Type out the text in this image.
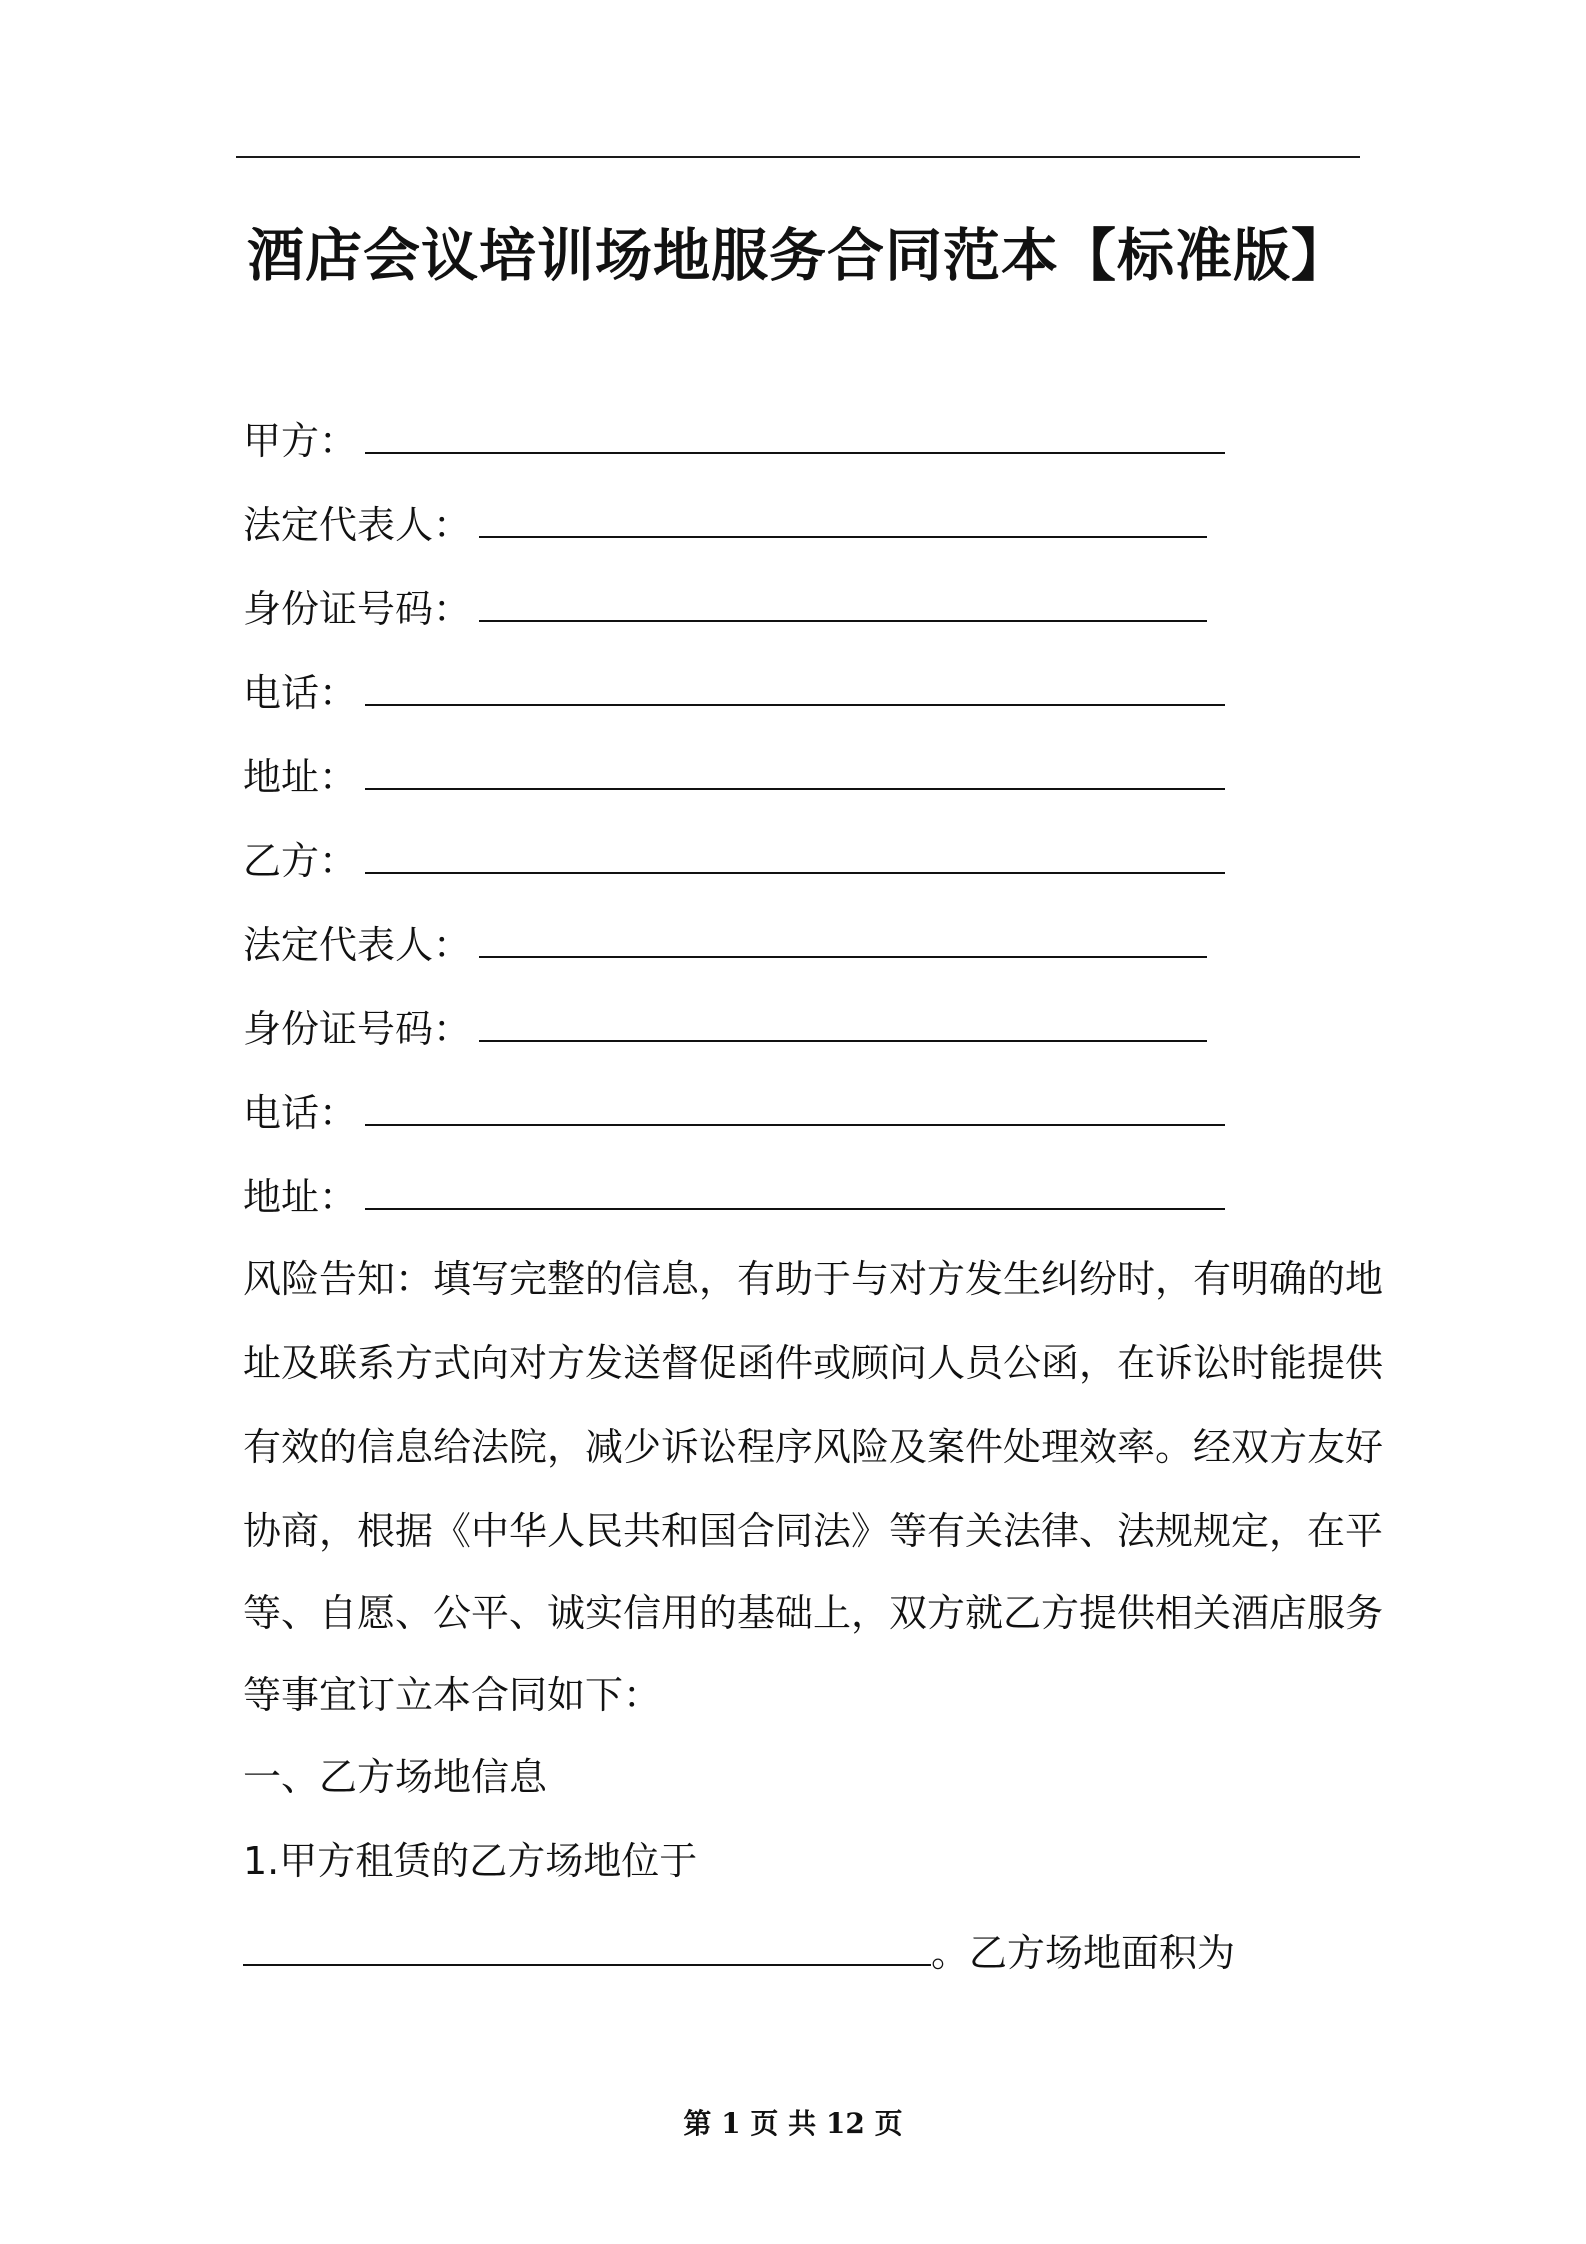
酒店会议培训场地服务合同范本【标准版】
甲方：
法定代表人：
身份证号码：
电话：
地址：
乙方：
法定代表人：
身份证号码：
电话：
地址：
风险告知：填写完整的信息，有助于与对方发生纠纷时，有明确的地
址及联系方式向对方发送督促函件或顾问人员公函，在诉讼时能提供
有效的信息给法院，减少诉讼程序风险及案件处理效率。经双方友好
协商，根据《中华人民共和国合同法》等有关法律、法规规定，在平
等、自愿、公平、诚实信用的基础上，双方就乙方提供相关酒店服务
等事宜订立本合同如下：
一、乙方场地信息
1.甲方租赁的乙方场地位于
。乙方场地面积为
第 1 页 共 12 页
